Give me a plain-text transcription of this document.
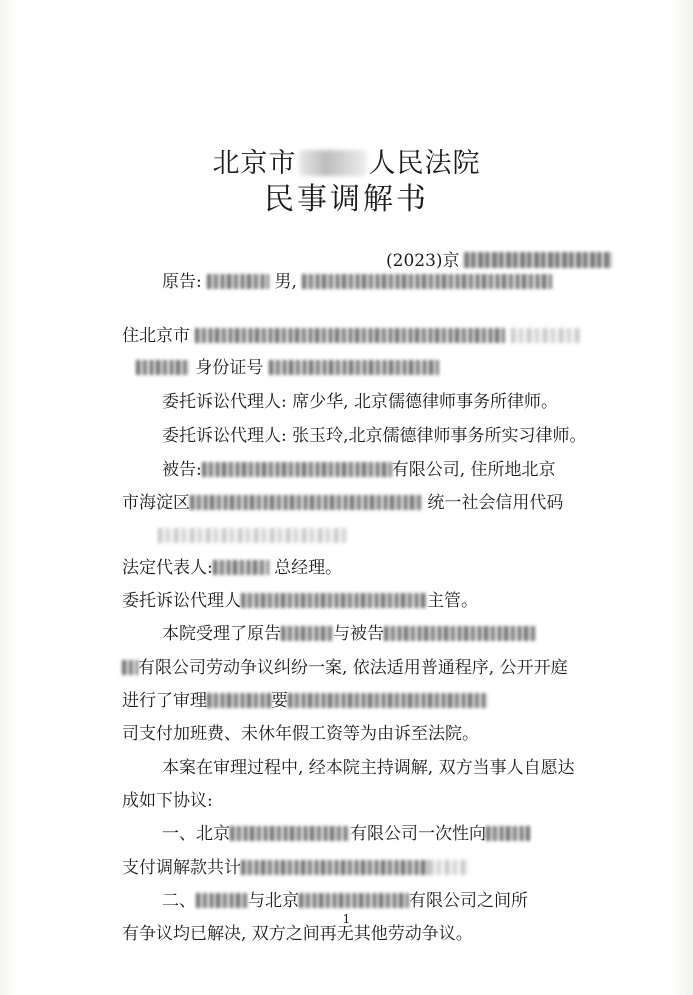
北京市	人民法院
民事调解书
(2023)京
原告:	男,
住北京市
身份证号
委托诉讼代理人: 席少华, 北京儒德律师事务所律师。
委托诉讼代理人: 张玉玲,北京儒德律师事务所实习律师。
被告:	有限公司, 住所地北京
市海淀区	统一社会信用代码
法定代表人:	总经理。
委托诉讼代理人	主管。
本院受理了原告	与被告
有限公司劳动争议纠纷一案, 依法适用普通程序, 公开开庭
进行了审理	要
司支付加班费、未休年假工资等为由诉至法院。
本案在审理过程中, 经本院主持调解, 双方当事人自愿达
成如下协议:
一、北京	有限公司一次性向
支付调解款共计
二、	与北京	有限公司之间所
有争议均已解决, 双方之间再无其他劳动争议。
1
